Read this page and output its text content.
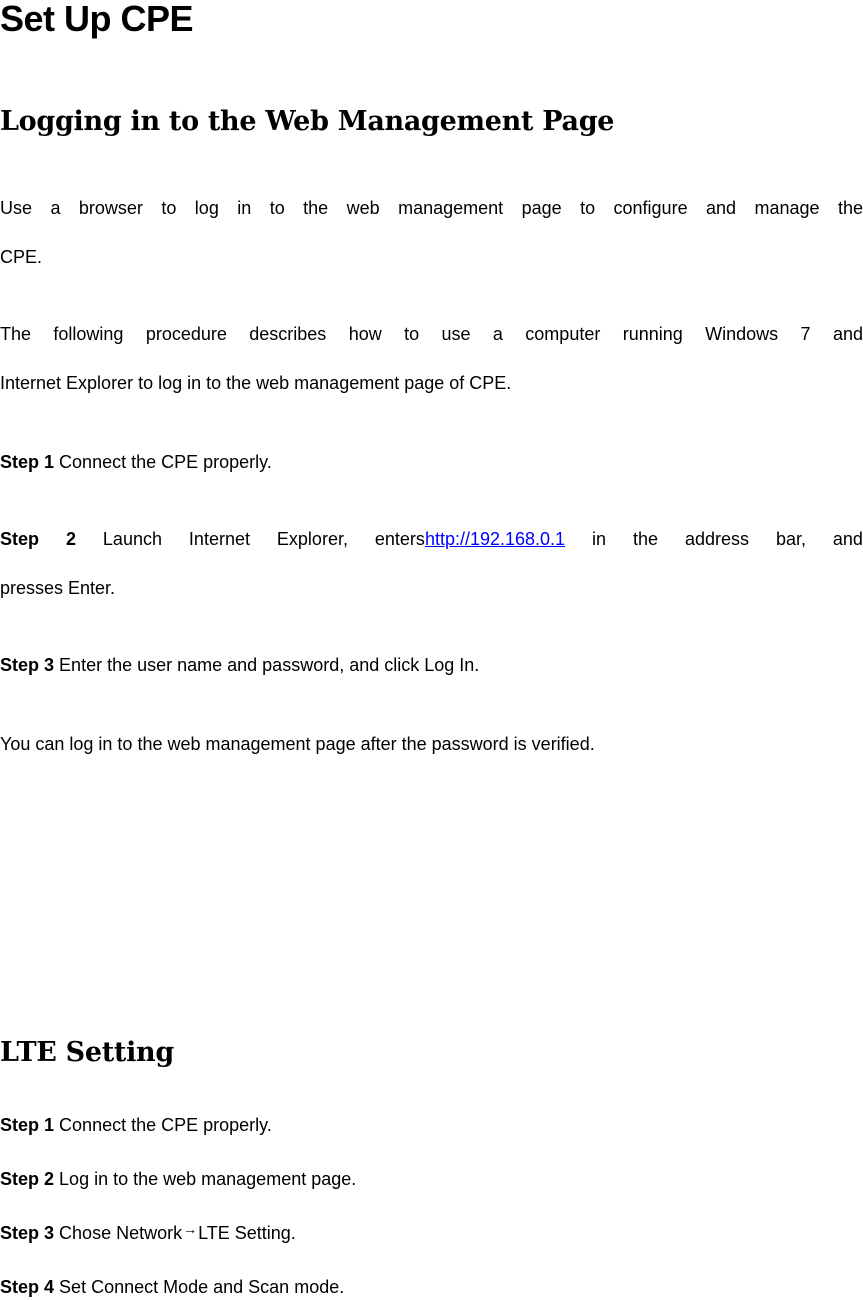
Set Up CPE
Logging in to the Web Management Page

Use a browser to log in to the web management page to configure and manage the

CPE.

The following procedure describes how to use a computer running Windows 7 and

Internet Explorer to log in to the web management page of CPE.

Step 1 Connect the CPE properly.

Step 2 Launch Internet Explorer, entershttp://192.168.0.1 in the address bar, and

presses Enter.

Step 3 Enter the user name and password, and click Log In.

You can log in to the web management page after the password is verified.

LTE Setting

Step 1 Connect the CPE properly.

Step 2 Log in to the web management page.

Step 3 Chose Network→LTE Setting.

Step 4 Set Connect Mode and Scan mode.
